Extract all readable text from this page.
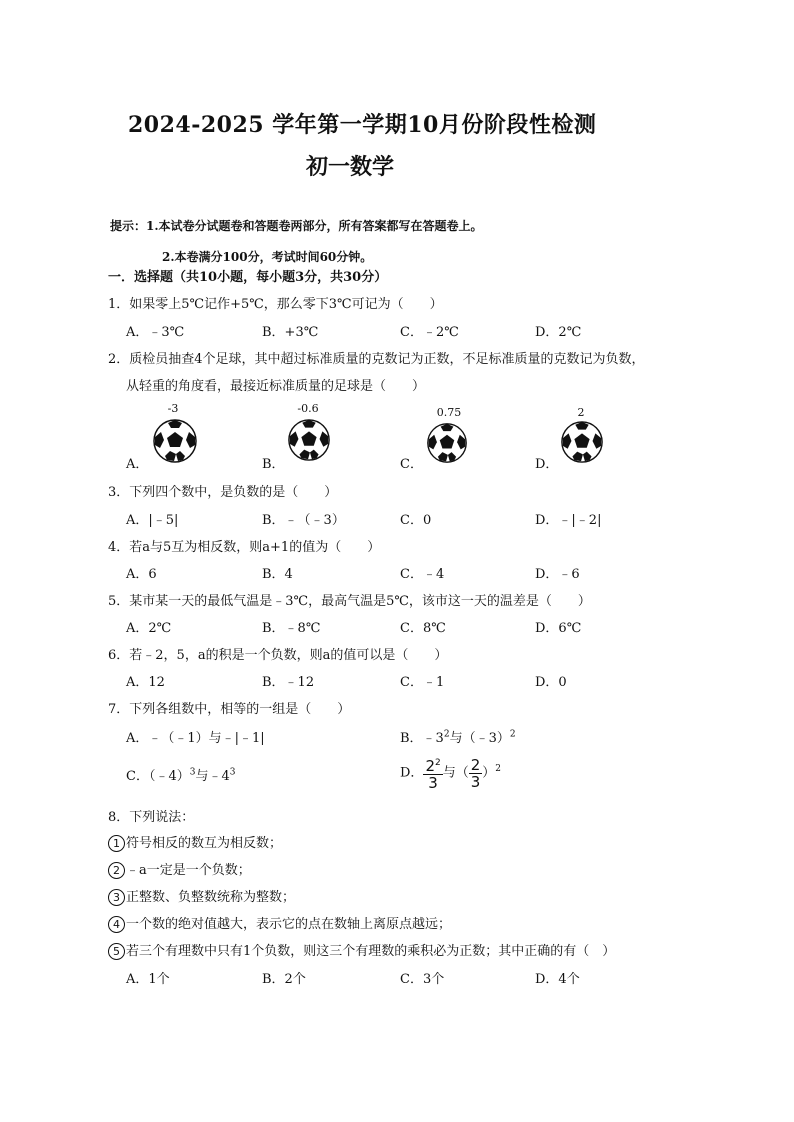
2024-2025 学年第一学期10月份阶段性检测
初一数学
提示：1.本试卷分试题卷和答题卷两部分，所有答案都写在答题卷上。
2.本卷满分100分，考试时间60分钟。
一．选择题（共10小题，每小题3分，共30分）
1．如果零上5℃记作+5℃，那么零下3℃可记为（　　）
A．﹣3℃	B．+3℃	C．﹣2℃	D．2℃
2．质检员抽查4个足球，其中超过标准质量的克数记为正数，不足标准质量的克数记为负数，
从轻重的角度看，最接近标准质量的足球是（　　）
-3	-0.6	0.75	2
A．	B．	C．	D．
3．下列四个数中，是负数的是（　　）
A．|﹣5|	B．﹣（﹣3）	C．0	D．﹣|﹣2|
4．若a与5互为相反数，则a+1的值为（　　）
A．6	B．4	C．﹣4	D．﹣6
5．某市某一天的最低气温是﹣3℃，最高气温是5℃，该市这一天的温差是（　　）
A．2℃	B．﹣8℃	C．8℃	D．6℃
6．若﹣2，5，a的积是一个负数，则a的值可以是（　　）
A．12	B．﹣12	C．﹣1	D．0
7．下列各组数中，相等的一组是（　　）
A．﹣（﹣1）与﹣|﹣1|	B．$﹣3^2$与（﹣3）$^2$
C．（﹣4）$^3$与$﹣4^3$	D． $\frac{2^2}{3}$ 与（ $\frac{2}{3} )^2$
8．下列说法：
1 符号相反的数互为相反数；
2 ﹣a一定是一个负数；
3 正整数、负整数统称为整数；
4 一个数的绝对值越大，表示它的点在数轴上离原点越远；
5 若三个有理数中只有1个负数，则这三个有理数的乘积必为正数；其中正确的有（　）
A．1个	B．2个	C．3个	D．4个
